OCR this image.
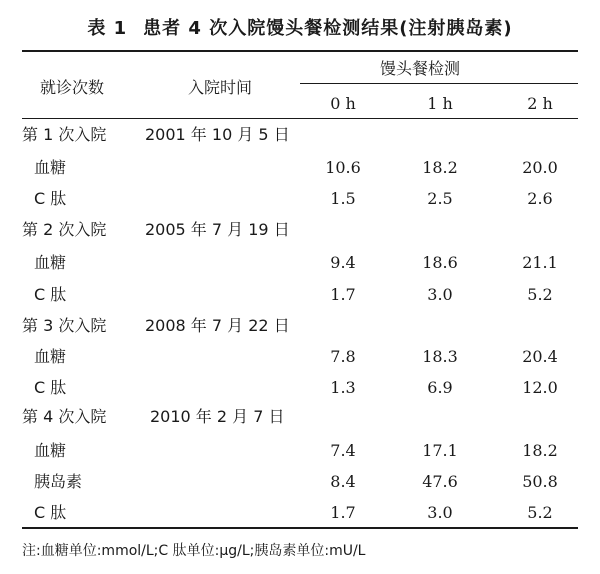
表 1 患者 4 次入院馒头餐检测结果(注射胰岛素)
就诊次数	入院时间
馒头餐检测
0 h	1 h	2 h
第 1 次入院 2001 年 10 月 5 日
血糖	10.6	18.2	20.0
C 肽	1.5	2.5	2.6
第 2 次入院 2005 年 7 月 19 日
血糖	9.4	18.6	21.1
C 肽	1.7	3.0	5.2
第 3 次入院 2008 年 7 月 22 日
血糖	7.8	18.3	20.4
C 肽	1.3	6.9	12.0
第 4 次入院	2010 年 2 月 7 日
血糖	7.4	17.1	18.2
胰岛素	8.4	47.6	50.8
C 肽	1.7	3.0	5.2
注:血糖单位:mmol/L;C 肽单位:μg/L;胰岛素单位:mU/L
